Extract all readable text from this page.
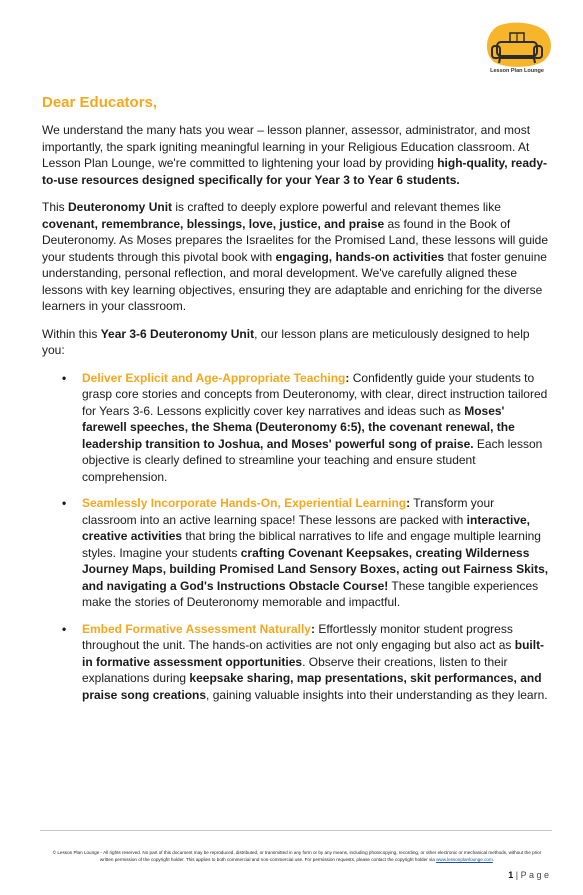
Lesson Plan Lounge
Dear Educators,

We understand the many hats you wear – lesson planner, assessor, administrator, and most importantly, the spark igniting meaningful learning in your Religious Education classroom. At Lesson Plan Lounge, we're committed to lightening your load by providing high-quality, ready-to-use resources designed specifically for your Year 3 to Year 6 students.

This Deuteronomy Unit is crafted to deeply explore powerful and relevant themes like covenant, remembrance, blessings, love, justice, and praise as found in the Book of Deuteronomy. As Moses prepares the Israelites for the Promised Land, these lessons will guide your students through this pivotal book with engaging, hands-on activities that foster genuine understanding, personal reflection, and moral development. We've carefully aligned these lessons with key learning objectives, ensuring they are adaptable and enriching for the diverse learners in your classroom.

Within this Year 3-6 Deuteronomy Unit, our lesson plans are meticulously designed to help you:

• Deliver Explicit and Age-Appropriate Teaching: Confidently guide your students to grasp core stories and concepts from Deuteronomy, with clear, direct instruction tailored for Years 3-6. Lessons explicitly cover key narratives and ideas such as Moses' farewell speeches, the Shema (Deuteronomy 6:5), the covenant renewal, the leadership transition to Joshua, and Moses' powerful song of praise. Each lesson objective is clearly defined to streamline your teaching and ensure student comprehension.
• Seamlessly Incorporate Hands-On, Experiential Learning: Transform your classroom into an active learning space! These lessons are packed with interactive, creative activities that bring the biblical narratives to life and engage multiple learning styles. Imagine your students crafting Covenant Keepsakes, creating Wilderness Journey Maps, building Promised Land Sensory Boxes, acting out Fairness Skits, and navigating a God's Instructions Obstacle Course! These tangible experiences make the stories of Deuteronomy memorable and impactful.
• Embed Formative Assessment Naturally: Effortlessly monitor student progress throughout the unit. The hands-on activities are not only engaging but also act as built-in formative assessment opportunities. Observe their creations, listen to their explanations during keepsake sharing, map presentations, skit performances, and praise song creations, gaining valuable insights into their understanding as they learn.
© Lesson Plan Lounge - All rights reserved. No part of this document may be reproduced, distributed, or transmitted in any form or by any means, including photocopying, recording, or other electronic or mechanical methods, without the prior written permission of the copyright holder. This applies to both commercial and non-commercial use. For permission requests, please contact the copyright holder via www.lessonplanlounge.com.
1 | P a g e
